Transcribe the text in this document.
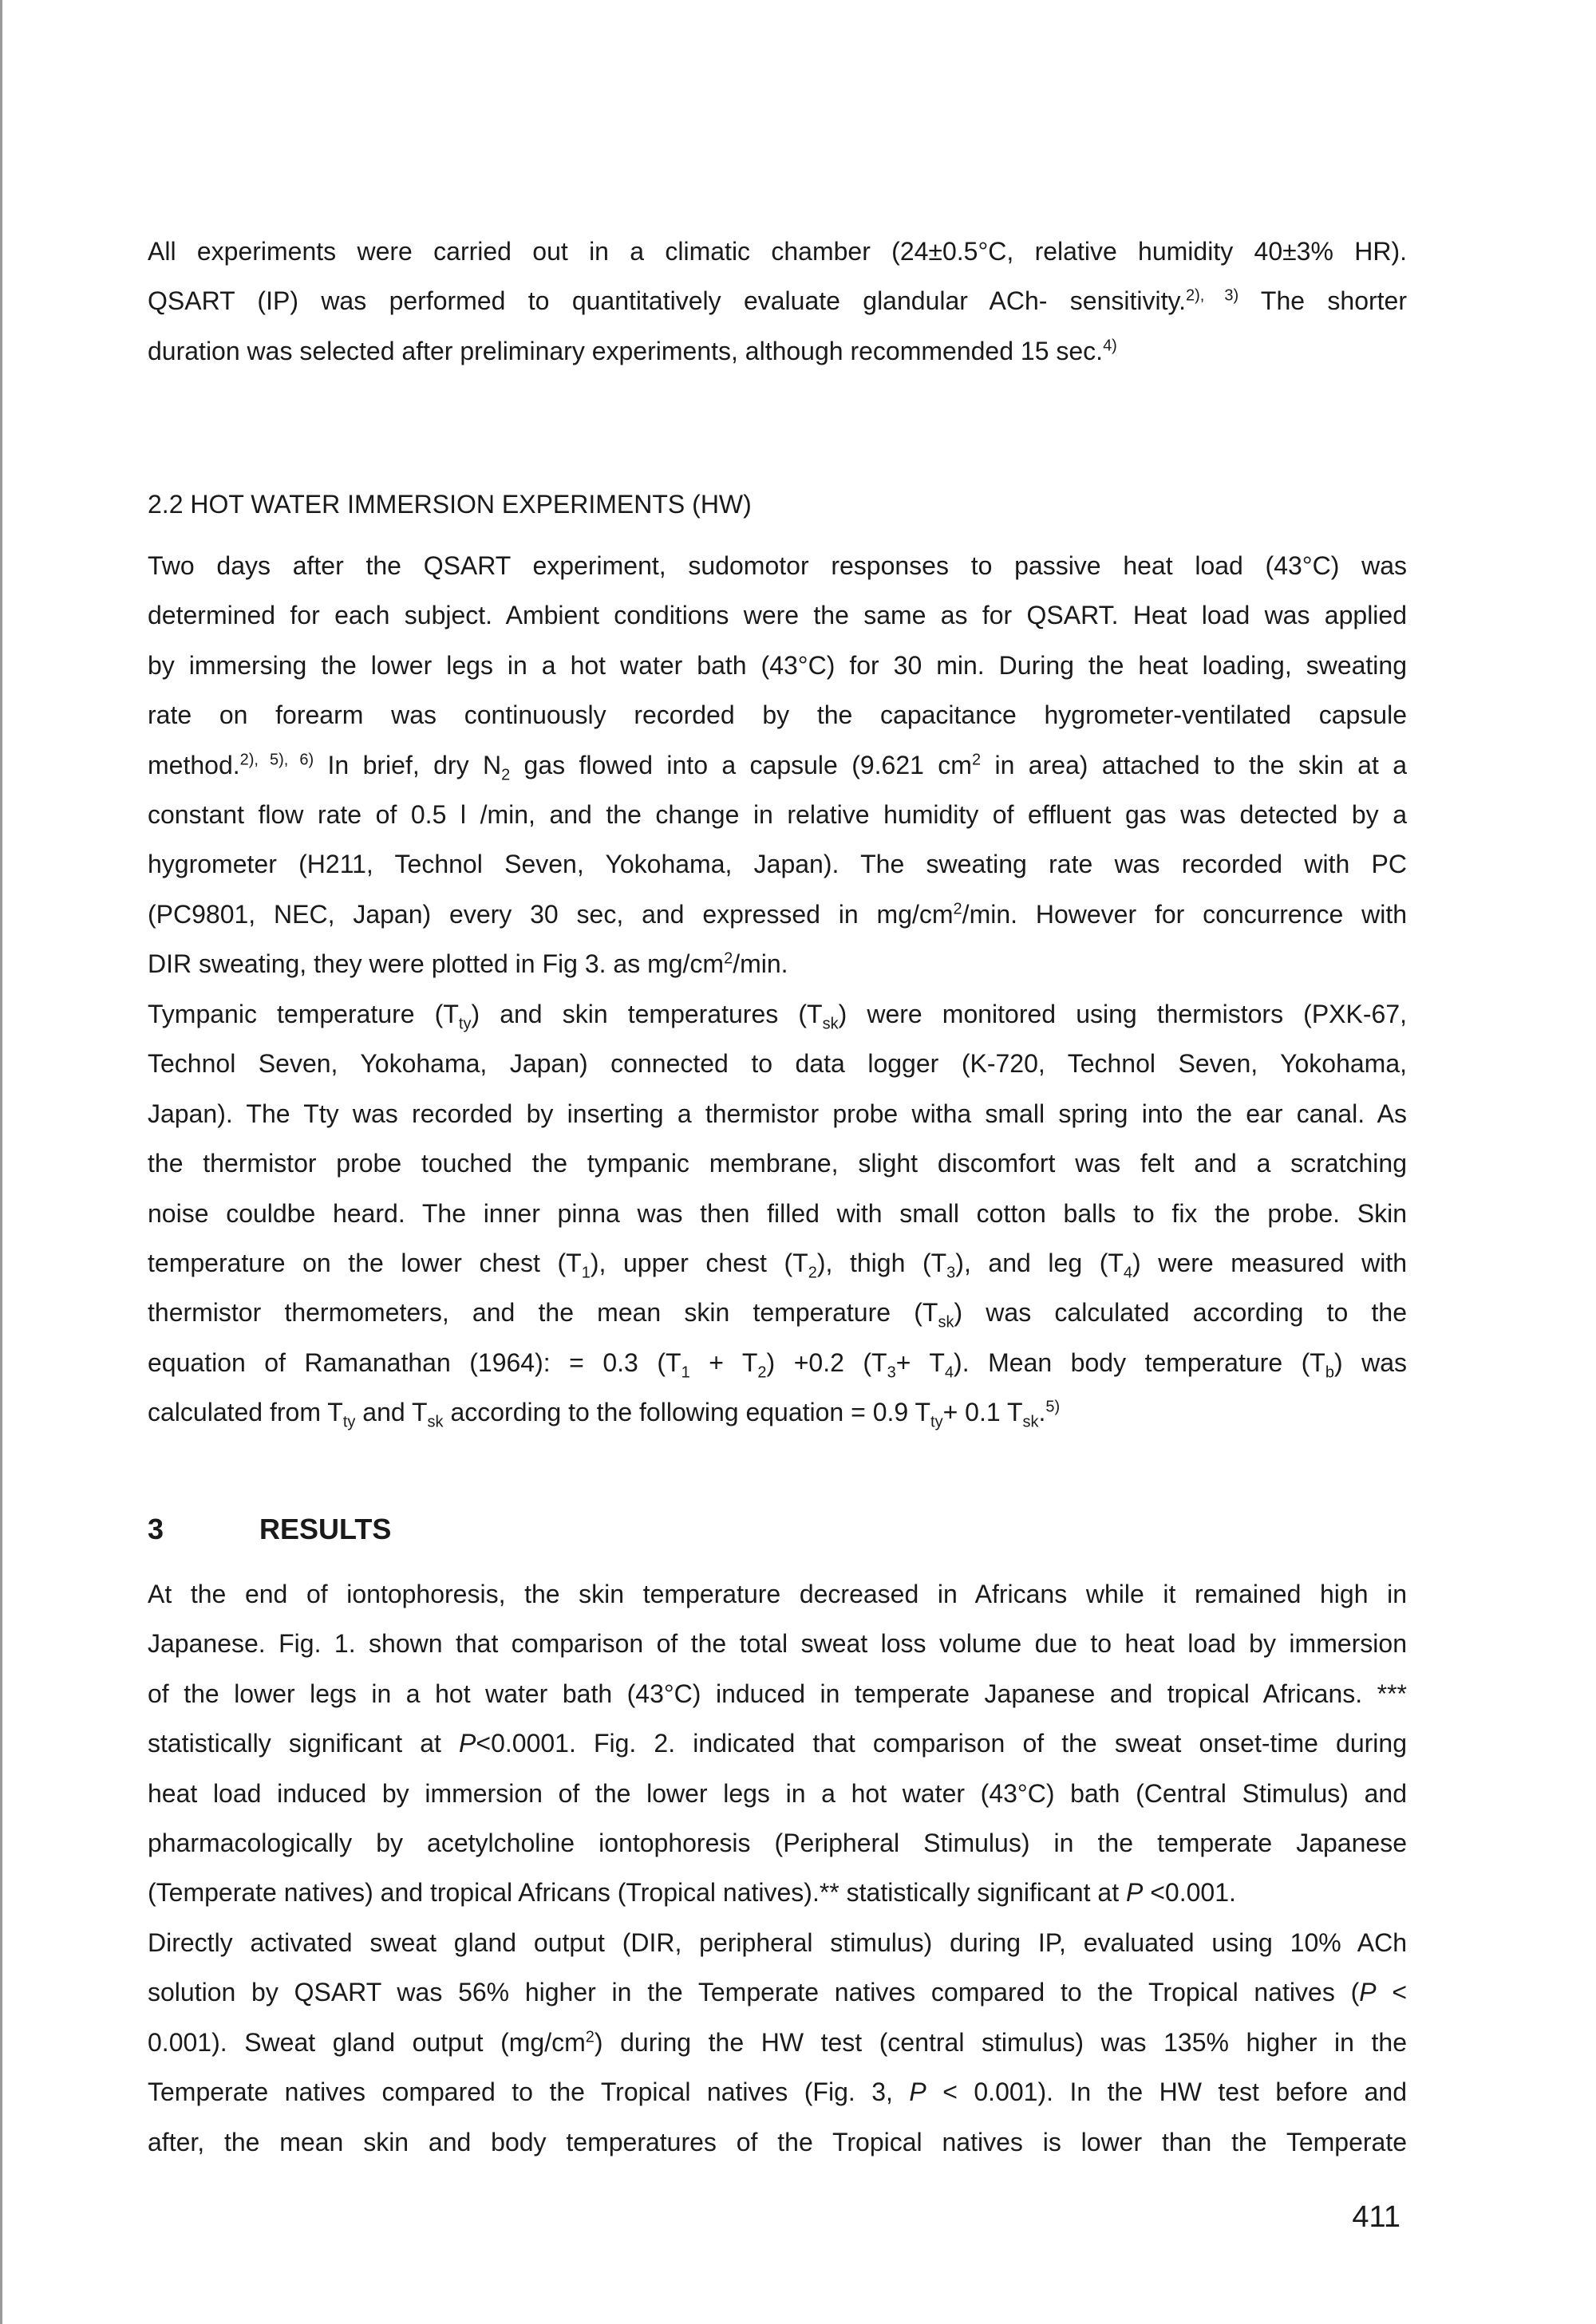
All experiments were carried out in a climatic chamber (24±0.5°C, relative humidity 40±3% HR).
QSART (IP) was performed to quantitatively evaluate glandular ACh- sensitivity.$^{2), 3)}$ The shorter
duration was selected after preliminary experiments, although recommended 15 sec.$^{4)}$
2.2 HOT WATER IMMERSION EXPERIMENTS (HW)
Two days after the QSART experiment, sudomotor responses to passive heat load (43°C) was
determined for each subject. Ambient conditions were the same as for QSART. Heat load was applied
by immersing the lower legs in a hot water bath (43°C) for 30 min. During the heat loading, sweating
rate on forearm was continuously recorded by the capacitance hygrometer-ventilated capsule
method.$^{2), 5), 6)}$ In brief, dry $N_2$ gas flowed into a capsule (9.621 $cm^2$ in area) attached to the skin at a
constant flow rate of 0.5 l /min, and the change in relative humidity of effluent gas was detected by a
hygrometer (H211, Technol Seven, Yokohama, Japan). The sweating rate was recorded with PC
(PC9801, NEC, Japan) every 30 sec, and expressed in $mg/cm^2/\min$. However for concurrence with
DIR sweating, they were plotted in Fig 3. as $mg/cm^2/\min$.
Tympanic temperature $(T_{ty})$ and skin temperatures $(T_{sk})$ were monitored using thermistors (PXK-67,
Technol Seven, Yokohama, Japan) connected to data logger (K-720, Technol Seven, Yokohama,
Japan). The Tty was recorded by inserting a thermistor probe witha small spring into the ear canal. As
the thermistor probe touched the tympanic membrane, slight discomfort was felt and a scratching
noise couldbe heard. The inner pinna was then filled with small cotton balls to fix the probe. Skin
temperature on the lower chest $(T_1)$, upper chest $(T_2)$, thigh $(T_3)$, and leg $(T_4)$ were measured with
thermistor thermometers, and the mean skin temperature $(T_{sk})$ was calculated according to the
equation of Ramanathan (1964): = 0.3 $(T_1 + T_2) +0.2$ $(T_3+ T_4)$. Mean body temperature $(T_b)$ was
calculated from $T_{ty}$ and $T_{sk}$ according to the following equation = 0.9 $T_{ty}+ 0.1$ $T_{sk}.^{5)}$
3	RESULTS
At the end of iontophoresis, the skin temperature decreased in Africans while it remained high in
Japanese. Fig. 1. shown that comparison of the total sweat loss volume due to heat load by immersion
of the lower legs in a hot water bath (43°C) induced in temperate Japanese and tropical Africans. ***
statistically significant at P<0.0001. Fig. 2. indicated that comparison of the sweat onset-time during
heat load induced by immersion of the lower legs in a hot water (43°C) bath (Central Stimulus) and
pharmacologically by acetylcholine iontophoresis (Peripheral Stimulus) in the temperate Japanese
(Temperate natives) and tropical Africans (Tropical natives).** statistically significant at P <0.001.
Directly activated sweat gland output (DIR, peripheral stimulus) during IP, evaluated using 10% ACh
solution by QSART was 56% higher in the Temperate natives compared to the Tropical natives (P <
0.001). Sweat gland output $(mg/cm^2)$ during the HW test (central stimulus) was 135% higher in the
Temperate natives compared to the Tropical natives (Fig. 3, P < 0.001). In the HW test before and
after, the mean skin and body temperatures of the Tropical natives is lower than the Temperate
411
